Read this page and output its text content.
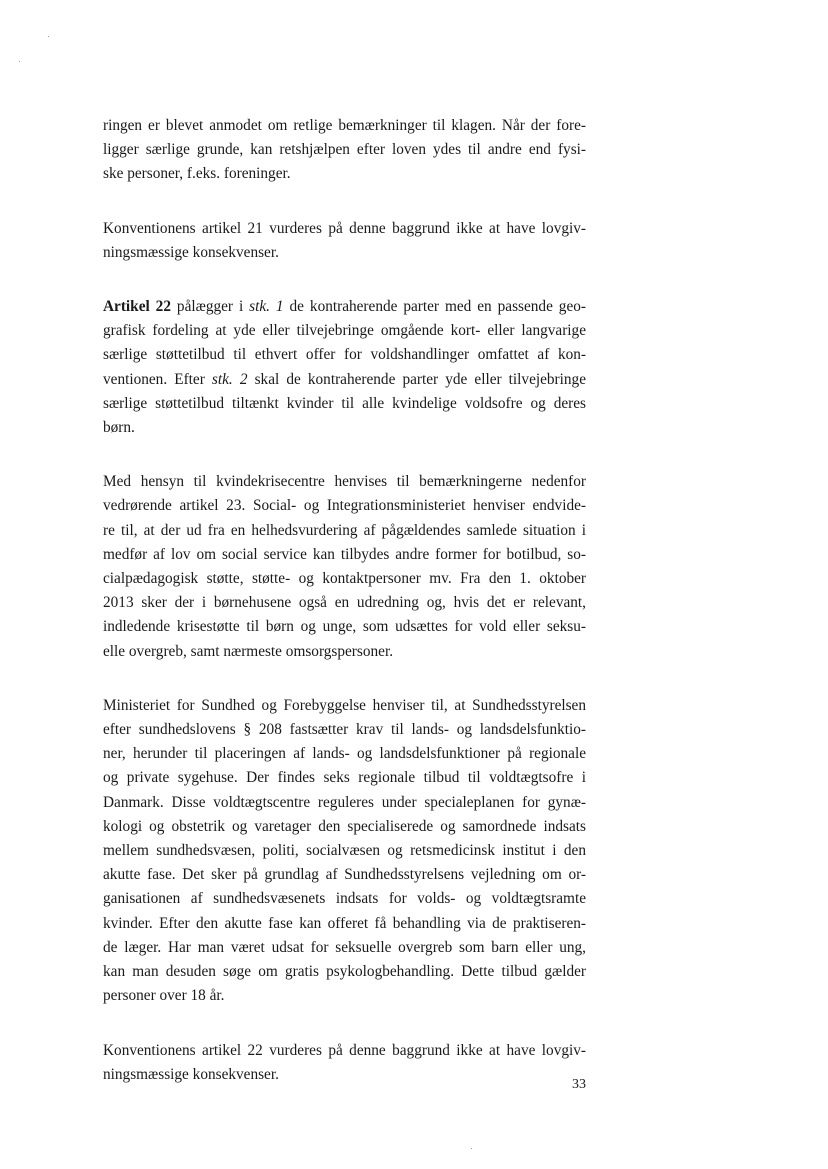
ringen er blevet anmodet om retlige bemærkninger til klagen. Når der fore-
ligger særlige grunde, kan retshjælpen efter loven ydes til andre end fysi-
ske personer, f.eks. foreninger.

Konventionens artikel 21 vurderes på denne baggrund ikke at have lovgiv-
ningsmæssige konsekvenser.

Artikel 22 pålægger i stk. 1 de kontraherende parter med en passende geo-
grafisk fordeling at yde eller tilvejebringe omgående kort- eller langvarige
særlige støttetilbud til ethvert offer for voldshandlinger omfattet af kon-
ventionen. Efter stk. 2 skal de kontraherende parter yde eller tilvejebringe
særlige støttetilbud tiltænkt kvinder til alle kvindelige voldsofre og deres
børn.

Med hensyn til kvindekrisecentre henvises til bemærkningerne nedenfor
vedrørende artikel 23. Social- og Integrationsministeriet henviser endvide-
re til, at der ud fra en helhedsvurdering af pågældendes samlede situation i
medfør af lov om social service kan tilbydes andre former for botilbud, so-
cialpædagogisk støtte, støtte- og kontaktpersoner mv. Fra den 1. oktober
2013 sker der i børnehusene også en udredning og, hvis det er relevant,
indledende krisestøtte til børn og unge, som udsættes for vold eller seksu-
elle overgreb, samt nærmeste omsorgspersoner.

Ministeriet for Sundhed og Forebyggelse henviser til, at Sundhedsstyrelsen
efter sundhedslovens § 208 fastsætter krav til lands- og landsdelsfunktio-
ner, herunder til placeringen af lands- og landsdelsfunktioner på regionale
og private sygehuse. Der findes seks regionale tilbud til voldtægtsofre i
Danmark. Disse voldtægtscentre reguleres under specialeplanen for gynæ-
kologi og obstetrik og varetager den specialiserede og samordnede indsats
mellem sundhedsvæsen, politi, socialvæsen og retsmedicinsk institut i den
akutte fase. Det sker på grundlag af Sundhedsstyrelsens vejledning om or-
ganisationen af sundhedsvæsenets indsats for volds- og voldtægtsramte
kvinder. Efter den akutte fase kan offeret få behandling via de praktiseren-
de læger. Har man været udsat for seksuelle overgreb som barn eller ung,
kan man desuden søge om gratis psykologbehandling. Dette tilbud gælder
personer over 18 år.

Konventionens artikel 22 vurderes på denne baggrund ikke at have lovgiv-
ningsmæssige konsekvenser.

33
